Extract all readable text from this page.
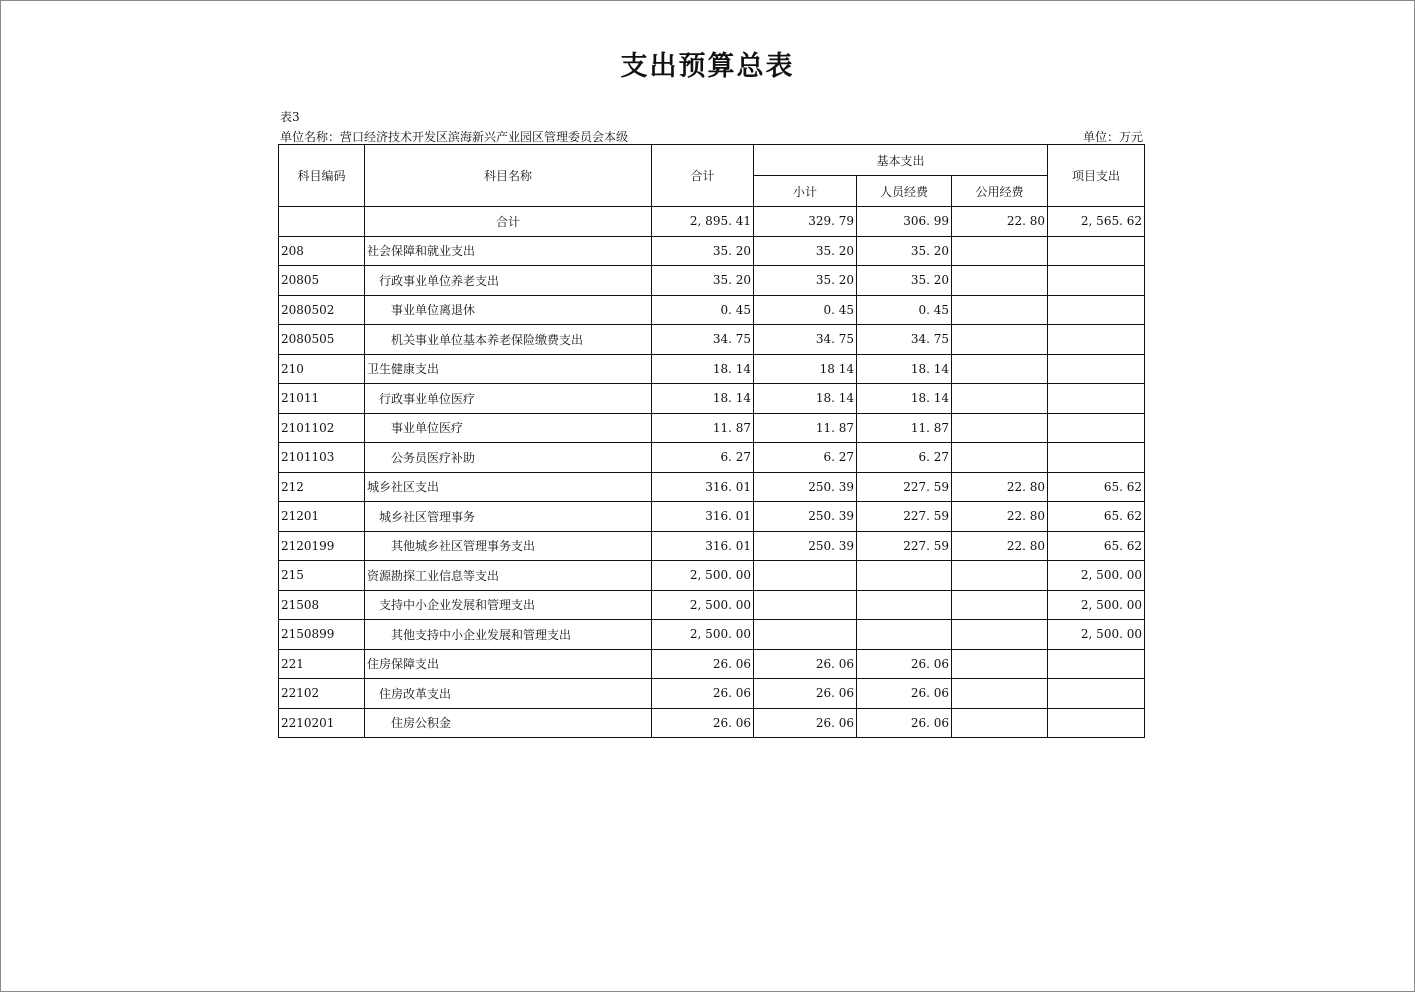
支出预算总表
表3
单位名称：营口经济技术开发区滨海新兴产业园区管理委员会本级	单位：万元
科目编码	科目名称	合计	基本支出			项目支出
			小计	人员经费	公用经费	
	合计	2, 895. 41	329. 79	306. 99	22. 80	2, 565. 62
208	社会保障和就业支出	35. 20	35. 20	35. 20		
20805	行政事业单位养老支出	35. 20	35. 20	35. 20		
2080502	事业单位离退休	0. 45	0. 45	0. 45		
2080505	机关事业单位基本养老保险缴费支出	34. 75	34. 75	34. 75		
210	卫生健康支出	18. 14	18 14	18. 14		
21011	行政事业单位医疗	18. 14	18. 14	18. 14		
2101102	事业单位医疗	11. 87	11. 87	11. 87		
2101103	公务员医疗补助	6. 27	6. 27	6. 27		
212	城乡社区支出	316. 01	250. 39	227. 59	22. 80	65. 62
21201	城乡社区管理事务	316. 01	250. 39	227. 59	22. 80	65. 62
2120199	其他城乡社区管理事务支出	316. 01	250. 39	227. 59	22. 80	65. 62
215	资源勘探工业信息等支出	2, 500. 00				2, 500. 00
21508	支持中小企业发展和管理支出	2, 500. 00				2, 500. 00
2150899	其他支持中小企业发展和管理支出	2, 500. 00				2, 500. 00
221	住房保障支出	26. 06	26. 06	26. 06		
22102	住房改革支出	26. 06	26. 06	26. 06		
2210201	住房公积金	26. 06	26. 06	26. 06		
